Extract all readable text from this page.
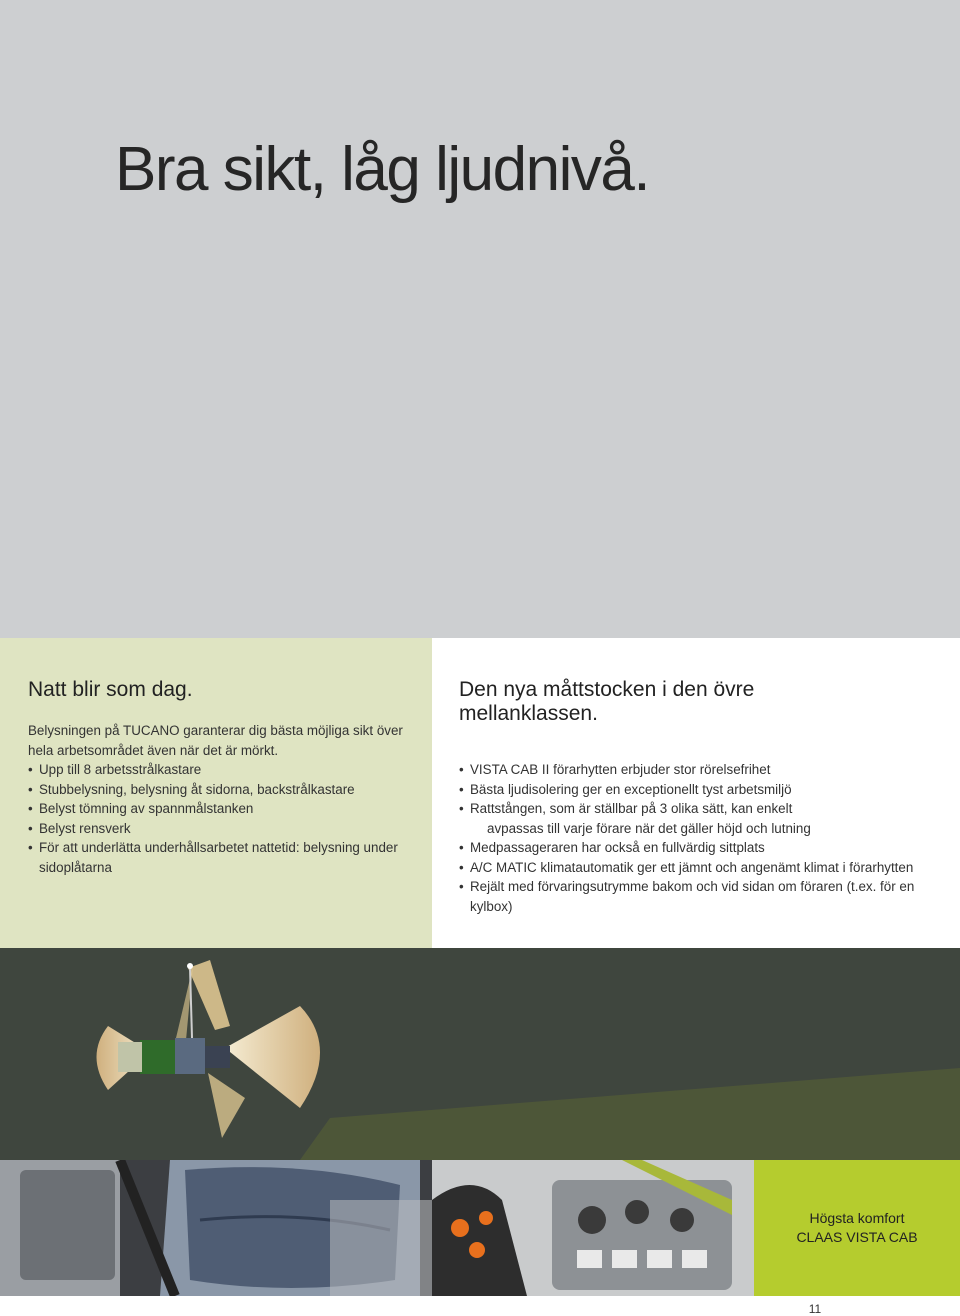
Bra sikt, låg ljudnivå.
Natt blir som dag.

Belysningen på TUCANO garanterar dig bästa möjliga sikt över hela arbetsområdet även när det är mörkt.

• Upp till 8 arbetsstrålkastare
• Stubbelysning, belysning åt sidorna, backstrålkastare
• Belyst tömning av spannmålstanken
• Belyst rensverk
• För att underlätta underhållsarbetet nattetid: belysning under sidoplåtarna
Den nya måttstocken i den övre mellanklassen.
• VISTA CAB II förarhytten erbjuder stor rörelsefrihet
• Bästa ljudisolering ger en exceptionellt tyst arbetsmiljö
• Rattstången, som är ställbar på 3 olika sätt, kan enkelt
avpassas till varje förare när det gäller höjd och lutning
• Medpassageraren har också en fullvärdig sittplats
• A/C MATIC klimatautomatik ger ett jämnt och angenämt klimat i förarhytten
• Rejält med förvaringsutrymme bakom och vid sidan om föraren (t.ex. för en kylbox)
Högsta komfort
CLAAS VISTA CAB
11
